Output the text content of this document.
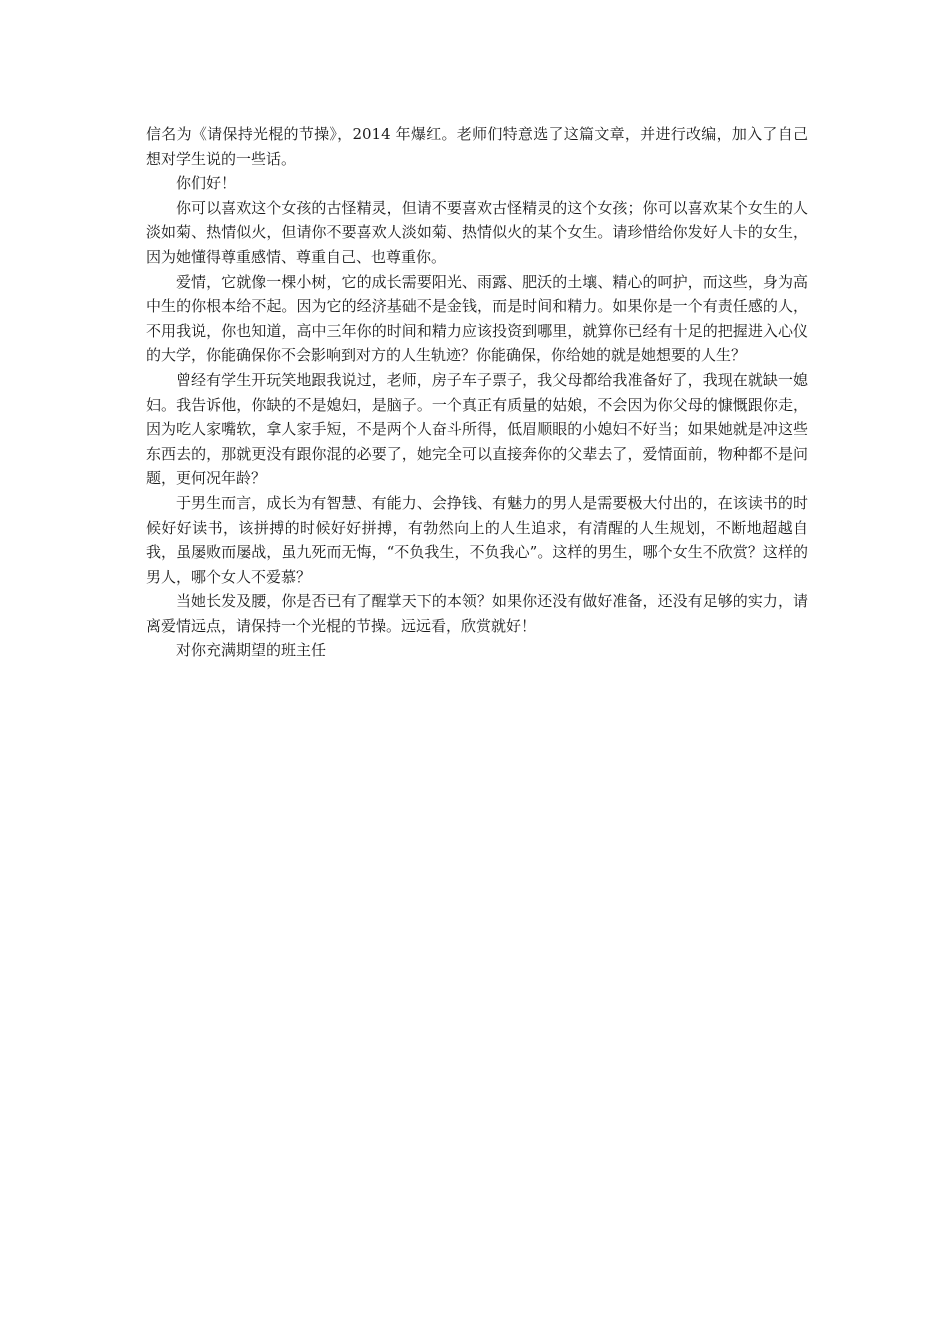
信名为《请保持光棍的节操》，2014 年爆红。老师们特意选了这篇文章，并进行改编，加入了自己想对学生说的一些话。

你们好！

你可以喜欢这个女孩的古怪精灵，但请不要喜欢古怪精灵的这个女孩；你可以喜欢某个女生的人淡如菊、热情似火，但请你不要喜欢人淡如菊、热情似火的某个女生。请珍惜给你发好人卡的女生，因为她懂得尊重感情、尊重自己、也尊重你。

爱情，它就像一棵小树，它的成长需要阳光、雨露、肥沃的土壤、精心的呵护，而这些，身为高中生的你根本给不起。因为它的经济基础不是金钱，而是时间和精力。如果你是一个有责任感的人，不用我说，你也知道，高中三年你的时间和精力应该投资到哪里，就算你已经有十足的把握进入心仪的大学，你能确保你不会影响到对方的人生轨迹？你能确保，你给她的就是她想要的人生？

曾经有学生开玩笑地跟我说过，老师，房子车子票子，我父母都给我准备好了，我现在就缺一媳妇。我告诉他，你缺的不是媳妇，是脑子。一个真正有质量的姑娘，不会因为你父母的慷慨跟你走，因为吃人家嘴软，拿人家手短，不是两个人奋斗所得，低眉顺眼的小媳妇不好当；如果她就是冲这些东西去的，那就更没有跟你混的必要了，她完全可以直接奔你的父辈去了，爱情面前，物种都不是问题，更何况年龄？

于男生而言，成长为有智慧、有能力、会挣钱、有魅力的男人是需要极大付出的，在该读书的时候好好读书，该拼搏的时候好好拼搏，有勃然向上的人生追求，有清醒的人生规划，不断地超越自我，虽屡败而屡战，虽九死而无悔，“不负我生，不负我心”。这样的男生，哪个女生不欣赏？这样的男人，哪个女人不爱慕？

当她长发及腰，你是否已有了醒掌天下的本领？如果你还没有做好准备，还没有足够的实力，请离爱情远点，请保持一个光棍的节操。远远看，欣赏就好！

对你充满期望的班主任
